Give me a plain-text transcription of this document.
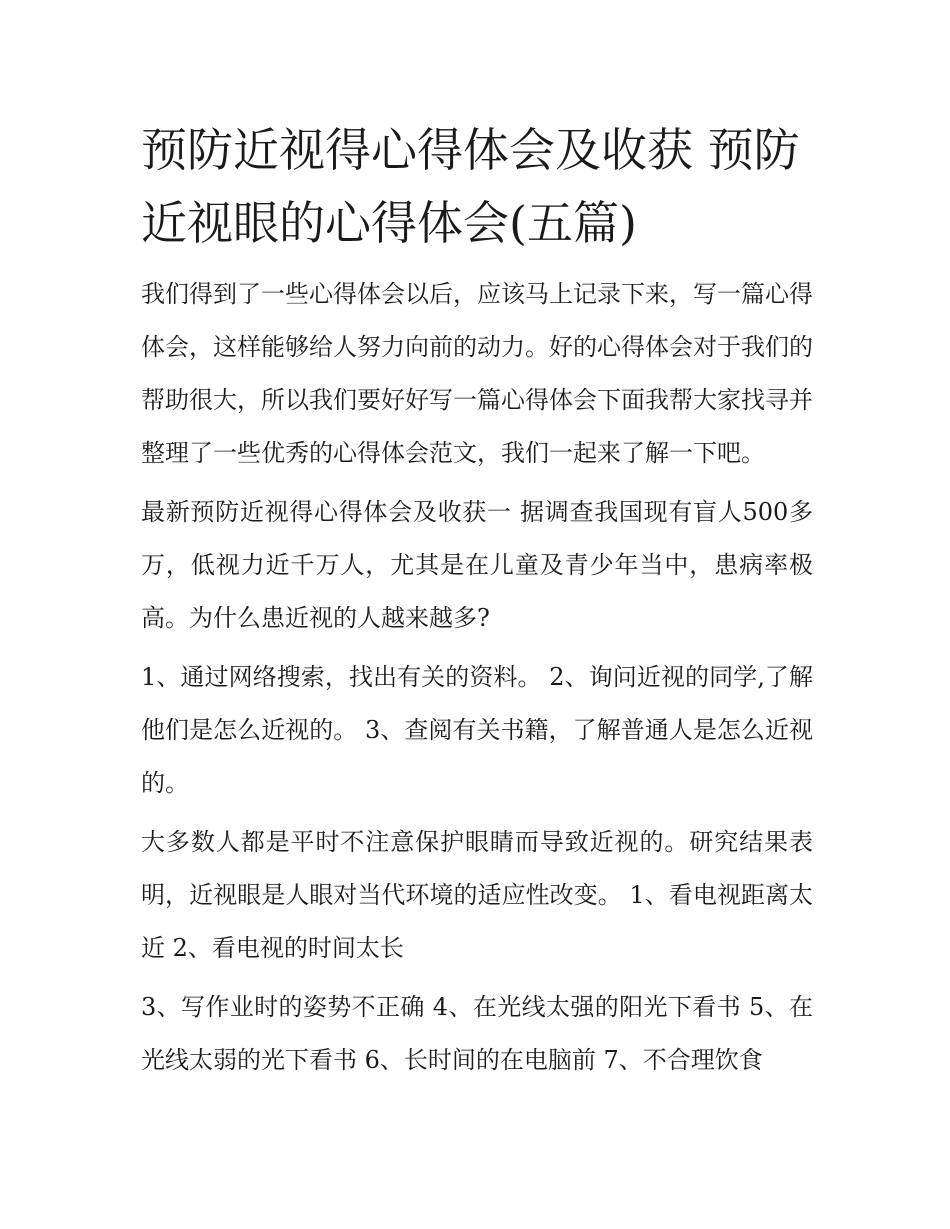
预防近视得心得体会及收获 预防近视眼的心得体会(五篇)

我们得到了一些心得体会以后，应该马上记录下来，写一篇心得体会，这样能够给人努力向前的动力。好的心得体会对于我们的帮助很大，所以我们要好好写一篇心得体会下面我帮大家找寻并整理了一些优秀的心得体会范文，我们一起来了解一下吧。

最新预防近视得心得体会及收获一 据调查我国现有盲人500多万，低视力近千万人，尤其是在儿童及青少年当中，患病率极高。为什么患近视的人越来越多?

1、通过网络搜索，找出有关的资料。 2、询问近视的同学,了解他们是怎么近视的。 3、查阅有关书籍，了解普通人是怎么近视的。

大多数人都是平时不注意保护眼睛而导致近视的。研究结果表明，近视眼是人眼对当代环境的适应性改变。 1、看电视距离太近 2、看电视的时间太长

3、写作业时的姿势不正确 4、在光线太强的阳光下看书 5、在光线太弱的光下看书 6、长时间的在电脑前 7、不合理饮食
